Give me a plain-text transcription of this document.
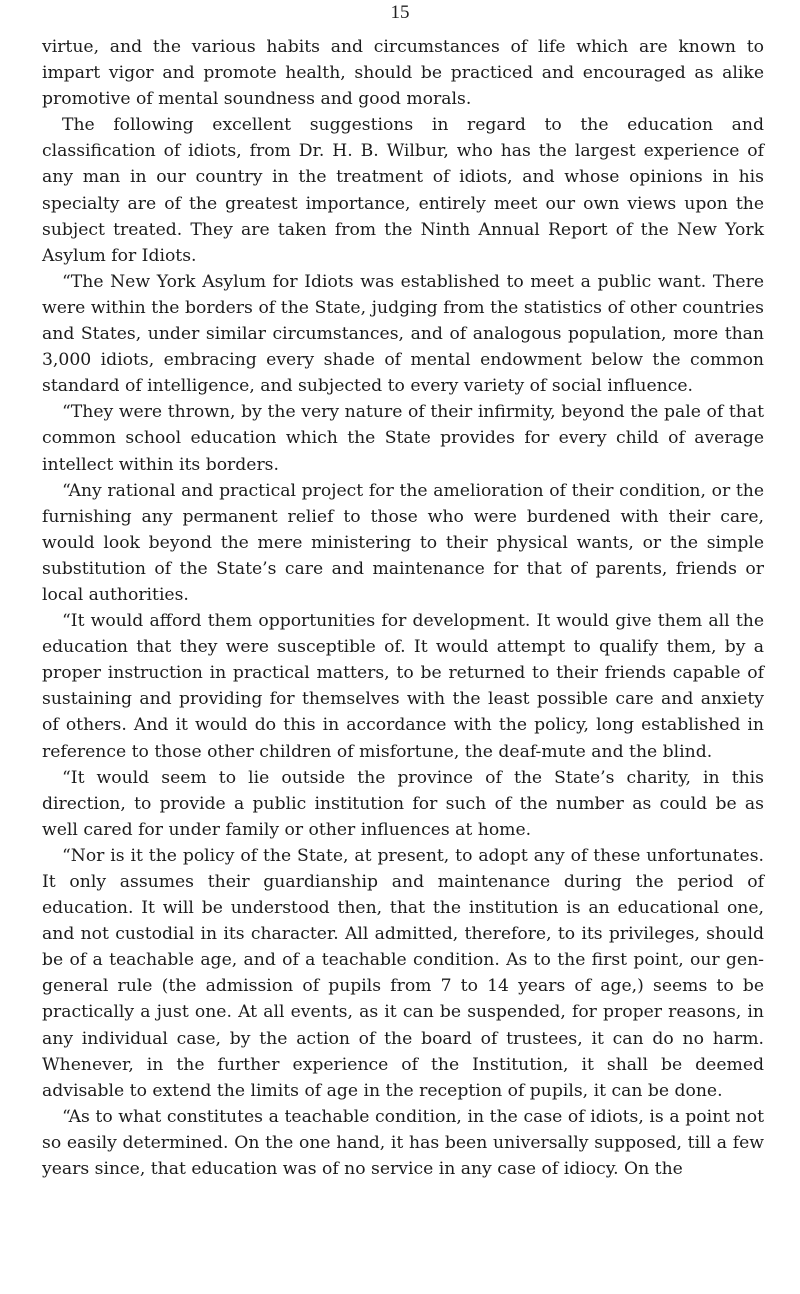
15

virtue, and the various habits and circumstances of life which are known to impart vigor and promote health, should be practiced and encouraged as alike promotive of mental soundness and good morals.

The following excellent suggestions in regard to the education and classification of idiots, from Dr. H. B. Wilbur, who has the largest experience of any man in our country in the treatment of idiots, and whose opinions in his specialty are of the greatest importance, entirely meet our own views upon the subject treated. They are taken from the Ninth Annual Report of the New York Asylum for Idiots.

“The New York Asylum for Idiots was established to meet a public want. There were within the borders of the State, judging from the statistics of other countries and States, under similar circumstances, and of analogous population, more than 3,000 idiots, embracing every shade of mental endowment below the common standard of intelligence, and subjected to every variety of social influence.

“They were thrown, by the very nature of their infirmity, beyond the pale of that common school education which the State provides for every child of average intellect within its borders.

“Any rational and practical project for the amelioration of their condition, or the furnishing any permanent relief to those who were burdened with their care, would look beyond the mere ministering to their physical wants, or the simple substitution of the State’s care and maintenance for that of parents, friends or local authorities.

“It would afford them opportunities for development. It would give them all the education that they were susceptible of. It would attempt to qualify them, by a proper instruction in practical matters, to be returned to their friends capable of sustaining and providing for themselves with the least possible care and anxiety of others. And it would do this in accordance with the policy, long established in reference to those other children of misfortune, the deaf-mute and the blind.

“It would seem to lie outside the province of the State’s charity, in this direction, to provide a public institution for such of the number as could be as well cared for under family or other influences at home.

“Nor is it the policy of the State, at present, to adopt any of these unfortunates. It only assumes their guardianship and maintenance during the period of education. It will be understood then, that the institution is an educational one, and not custodial in its character. All admitted, therefore, to its privileges, should be of a teachable age, and of a teachable condition. As to the first point, our gen-general rule (the admission of pupils from 7 to 14 years of age,) seems to be practically a just one. At all events, as it can be suspended, for proper reasons, in any individual case, by the action of the board of trustees, it can do no harm. Whenever, in the further experience of the Institution, it shall be deemed advisable to extend the limits of age in the reception of pupils, it can be done.

“As to what constitutes a teachable condition, in the case of idiots, is a point not so easily determined. On the one hand, it has been universally supposed, till a few years since, that education was of no service in any case of idiocy. On the
